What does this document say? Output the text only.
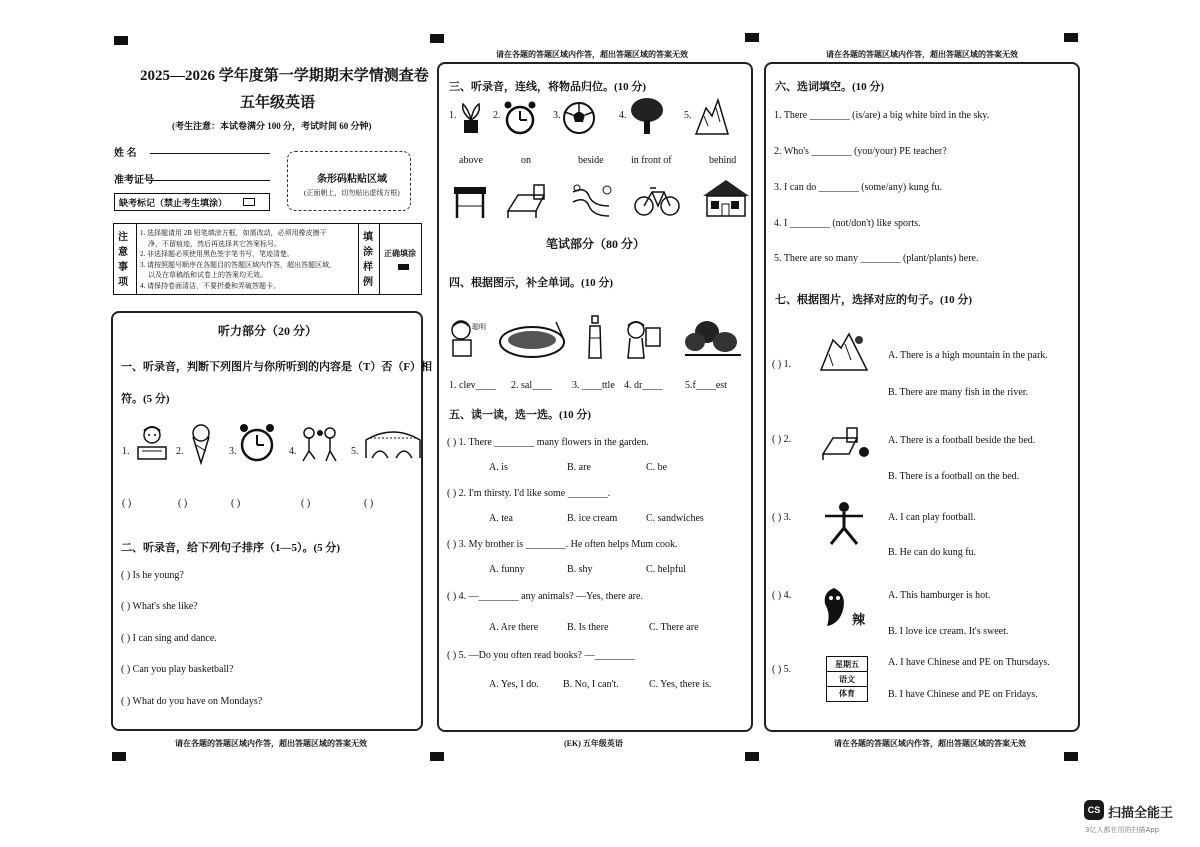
请在各题的答题区域内作答，超出答题区域的答案无效	请在各题的答题区域内作答，超出答题区域的答案无效
2025—2026 学年度第一学期期末学情测查卷
五年级英语
(考生注意：本试卷满分 100 分，考试时间 60 分钟)
姓 名
准考证号
缺考标记（禁止考生填涂）
条形码粘贴区域
(正面朝上，切勿贴出虚线方框)
注意事项
1. 选择题请用 2B 铅笔填涂方框，如需改动，必须用橡皮擦干
净，不留痕迹，然后再选择其它答案标号。
2. 非选择题必须使用黑色签字笔书写，笔迹清楚。
3. 请按照题号顺序在各题目的答题区域内作答，超出答题区域，
以及在草稿纸和试卷上的答案均无效。
4. 请保持卷面清洁，不要折叠和弄破答题卡。
填涂样例
正确填涂
听力部分（20 分）
一、听录音，判断下列图片与你所听到的内容是（T）否（F）相
符。(5 分)
1.	2.	3.	4.	5.
( )	( )	( )	( )	( )
二、听录音，给下列句子排序（1—5）。(5 分)
( ) Is he young?
( ) What's she like?
( ) I can sing and dance.
( ) Can you play basketball?
( ) What do you have on Mondays?
三、听录音，连线，将物品归位。(10 分)
1.	2.	3.	4.	5.
above	on	beside	in front of	behind
笔试部分（80 分）
四、根据图示，补全单词。(10 分)
聪明
1. clev____ 2. sal____ 3. ____ttle 4. dr____ 5.f____est
五、读一读，选一选。(10 分)
( ) 1. There ________ many flowers in the garden.
A. is	B. are	C. be
( ) 2. I'm thirsty. I'd like some ________.
A. tea	B. ice cream	C. sandwiches
( ) 3. My brother is ________. He often helps Mum cook.
A. funny	B. shy	C. helpful
( ) 4. —________ any animals? —Yes, there are.
A. Are there	B. Is there	C. There are
( ) 5. —Do you often read books? —________
A. Yes, I do. B. No, I can't.	C. Yes, there is.
六、选词填空。(10 分)
1. There ________ (is/are) a big white bird in the sky.
2. Who's ________ (you/your) PE teacher?
3. I can do ________ (some/any) kung fu.
4. I ________ (not/don't) like sports.
5. There are so many ________ (plant/plants) here.
七、根据图片，选择对应的句子。(10 分)
( ) 1.
A. There is a high mountain in the park.
B. There are many fish in the river.
( ) 2.	A. There is a football beside the bed.
B. There is a football on the bed.
( ) 3.	A. I can play football.
B. He can do kung fu.
( ) 4.
辣
A. This hamburger is hot.
B. I love ice cream. It's sweet.
( ) 5.	星期五
语文
体育
A. I have Chinese and PE on Thursdays.
B. I have Chinese and PE on Fridays.
请在各题的答题区域内作答，超出答题区域的答案无效	(EK) 五年级英语	请在各题的答题区域内作答，超出答题区域的答案无效
CS 扫描全能王
3亿人都在用的扫描App
